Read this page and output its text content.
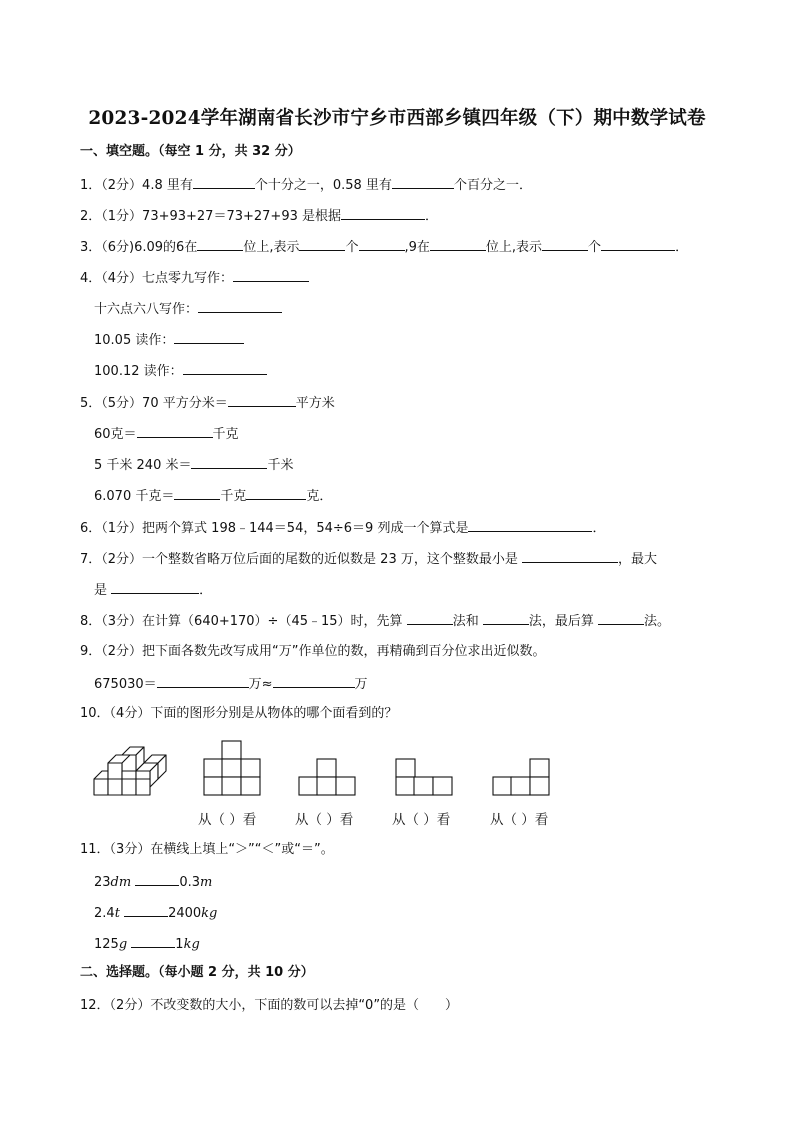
2023-2024学年湖南省长沙市宁乡市西部乡镇四年级（下）期中数学试卷
一、填空题。（每空 1 分，共 32 分）
1．（2分）4.8 里有	个十分之一，0.58 里有	个百分之一．
2．（1分）73+93+27＝73+27+93 是根据	．
3．（6分)6.09的6在	位上,表示	个	,9在	位上,表示	个	．
4．（4分）七点零九写作：
十六点六八写作：
10.05 读作：
100.12 读作：
5．（5分）70 平方分米＝	平方米
60克＝	千克
5 千米 240 米＝	千米
6.070 千克＝	千克	克．
6．（1分）把两个算式 198﹣144＝54，54÷6＝9 列成一个算式是	．
7．（2分）一个整数省略万位后面的尾数的近似数是 23 万，这个整数最小是	，最大
是	．
8．（3分）在计算（640+170）÷（45﹣15）时，先算	法和	法，最后算	法。
9．（2分）把下面各数先改写成用“万”作单位的数，再精确到百分位求出近似数。
675030＝	万≈	万
10．（4分）下面的图形分别是从物体的哪个面看到的？
从（ ）看	从（ ）看	从（ ）看	从（ ）看
11．（3分）在横线上填上“＞”“＜”或“＝”。
23dm	0.3m
2.4t	2400kg
125g	1kg
二、选择题。（每小题 2 分，共 10 分）
12．（2分）不改变数的大小，下面的数可以去掉“0”的是（　　）
